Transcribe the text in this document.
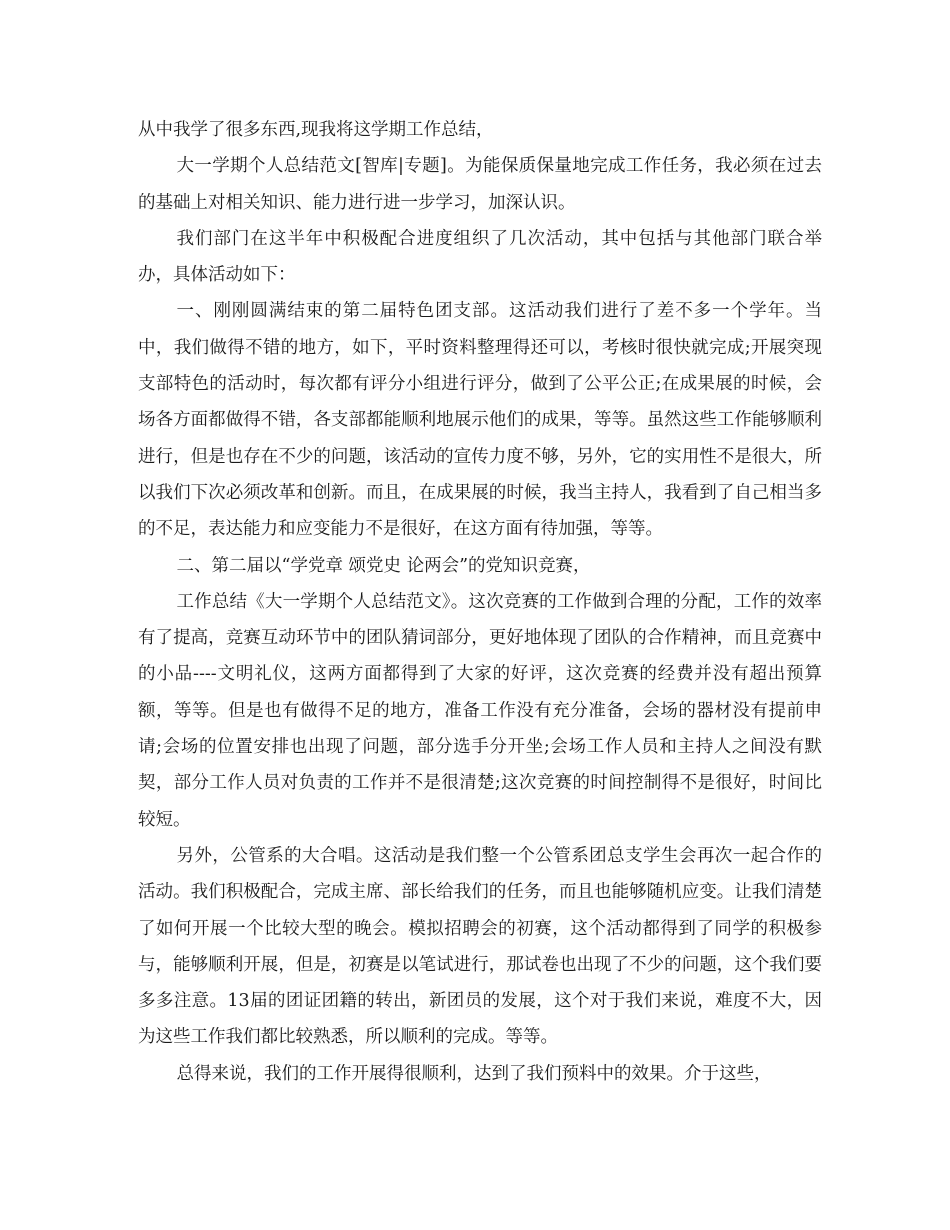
从中我学了很多东西,现我将这学期工作总结，

大一学期个人总结范文[智库|专题]。为能保质保量地完成工作任务，我必须在过去的基础上对相关知识、能力进行进一步学习，加深认识。

我们部门在这半年中积极配合进度组织了几次活动，其中包括与其他部门联合举办，具体活动如下：

一、刚刚圆满结束的第二届特色团支部。这活动我们进行了差不多一个学年。当中，我们做得不错的地方，如下，平时资料整理得还可以，考核时很快就完成;开展突现支部特色的活动时，每次都有评分小组进行评分，做到了公平公正;在成果展的时候，会场各方面都做得不错，各支部都能顺利地展示他们的成果，等等。虽然这些工作能够顺利进行，但是也存在不少的问题，该活动的宣传力度不够，另外，它的实用性不是很大，所以我们下次必须改革和创新。而且，在成果展的时候，我当主持人，我看到了自己相当多的不足，表达能力和应变能力不是很好，在这方面有待加强，等等。

二、第二届以“学党章 颂党史 论两会”的党知识竞赛，

工作总结《大一学期个人总结范文》。这次竞赛的工作做到合理的分配，工作的效率有了提高，竞赛互动环节中的团队猜词部分，更好地体现了团队的合作精神，而且竞赛中的小品----文明礼仪，这两方面都得到了大家的好评，这次竞赛的经费并没有超出预算额，等等。但是也有做得不足的地方，准备工作没有充分准备，会场的器材没有提前申请;会场的位置安排也出现了问题，部分选手分开坐;会场工作人员和主持人之间没有默契，部分工作人员对负责的工作并不是很清楚;这次竞赛的时间控制得不是很好，时间比较短。

另外，公管系的大合唱。这活动是我们整一个公管系团总支学生会再次一起合作的活动。我们积极配合，完成主席、部长给我们的任务，而且也能够随机应变。让我们清楚了如何开展一个比较大型的晚会。模拟招聘会的初赛，这个活动都得到了同学的积极参与，能够顺利开展，但是，初赛是以笔试进行，那试卷也出现了不少的问题，这个我们要多多注意。13届的团证团籍的转出，新团员的发展，这个对于我们来说，难度不大，因为这些工作我们都比较熟悉，所以顺利的完成。等等。

总得来说，我们的工作开展得很顺利，达到了我们预料中的效果。介于这些，
